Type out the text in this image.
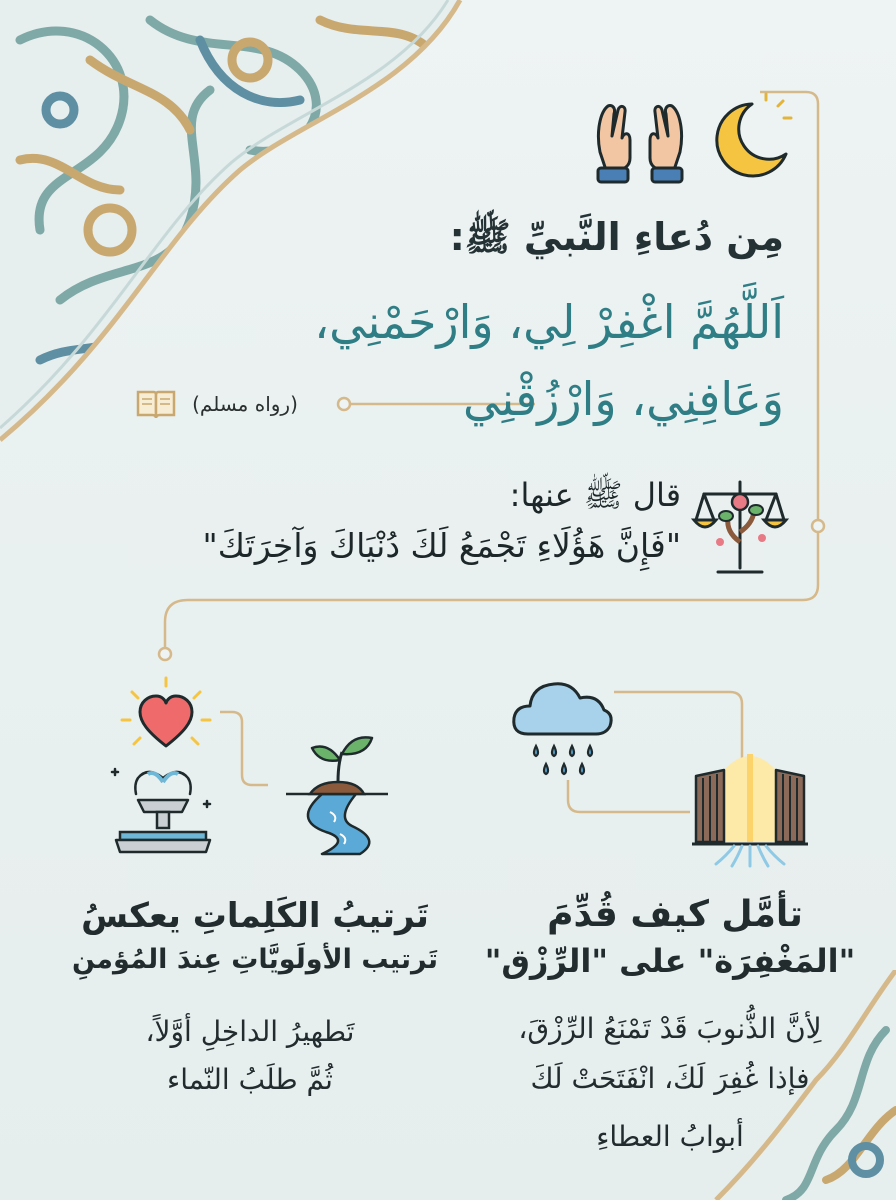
مِن دُعاءِ النَّبيِّ ﷺ:
اَللَّهُمَّ اغْفِرْ لِي، وَارْحَمْنِي،
وَعَافِنِي، وَارْزُقْنِي
(رواه مسلم)
قال ﷺ عنها:
"فَإِنَّ هَؤُلَاءِ تَجْمَعُ لَكَ دُنْيَاكَ وَآخِرَتَكَ"
تَرتيبُ الكَلِماتِ يعكسُ
تَرتيب الأولَويَّاتِ عِندَ المُؤمنِ
تَطهيرُ الداخِلِ أوَّلاً،
ثُمَّ طلَبُ النّماء
تأمَّل كيف قُدِّمَ
"المَغْفِرَة" على "الرِّزْق"
لِأنَّ الذُّنوبَ قَدْ تَمْنَعُ الرِّزْقَ،
فإذا غُفِرَ لَكَ، انْفَتَحَتْ لَكَ
أبوابُ العطاءِ
